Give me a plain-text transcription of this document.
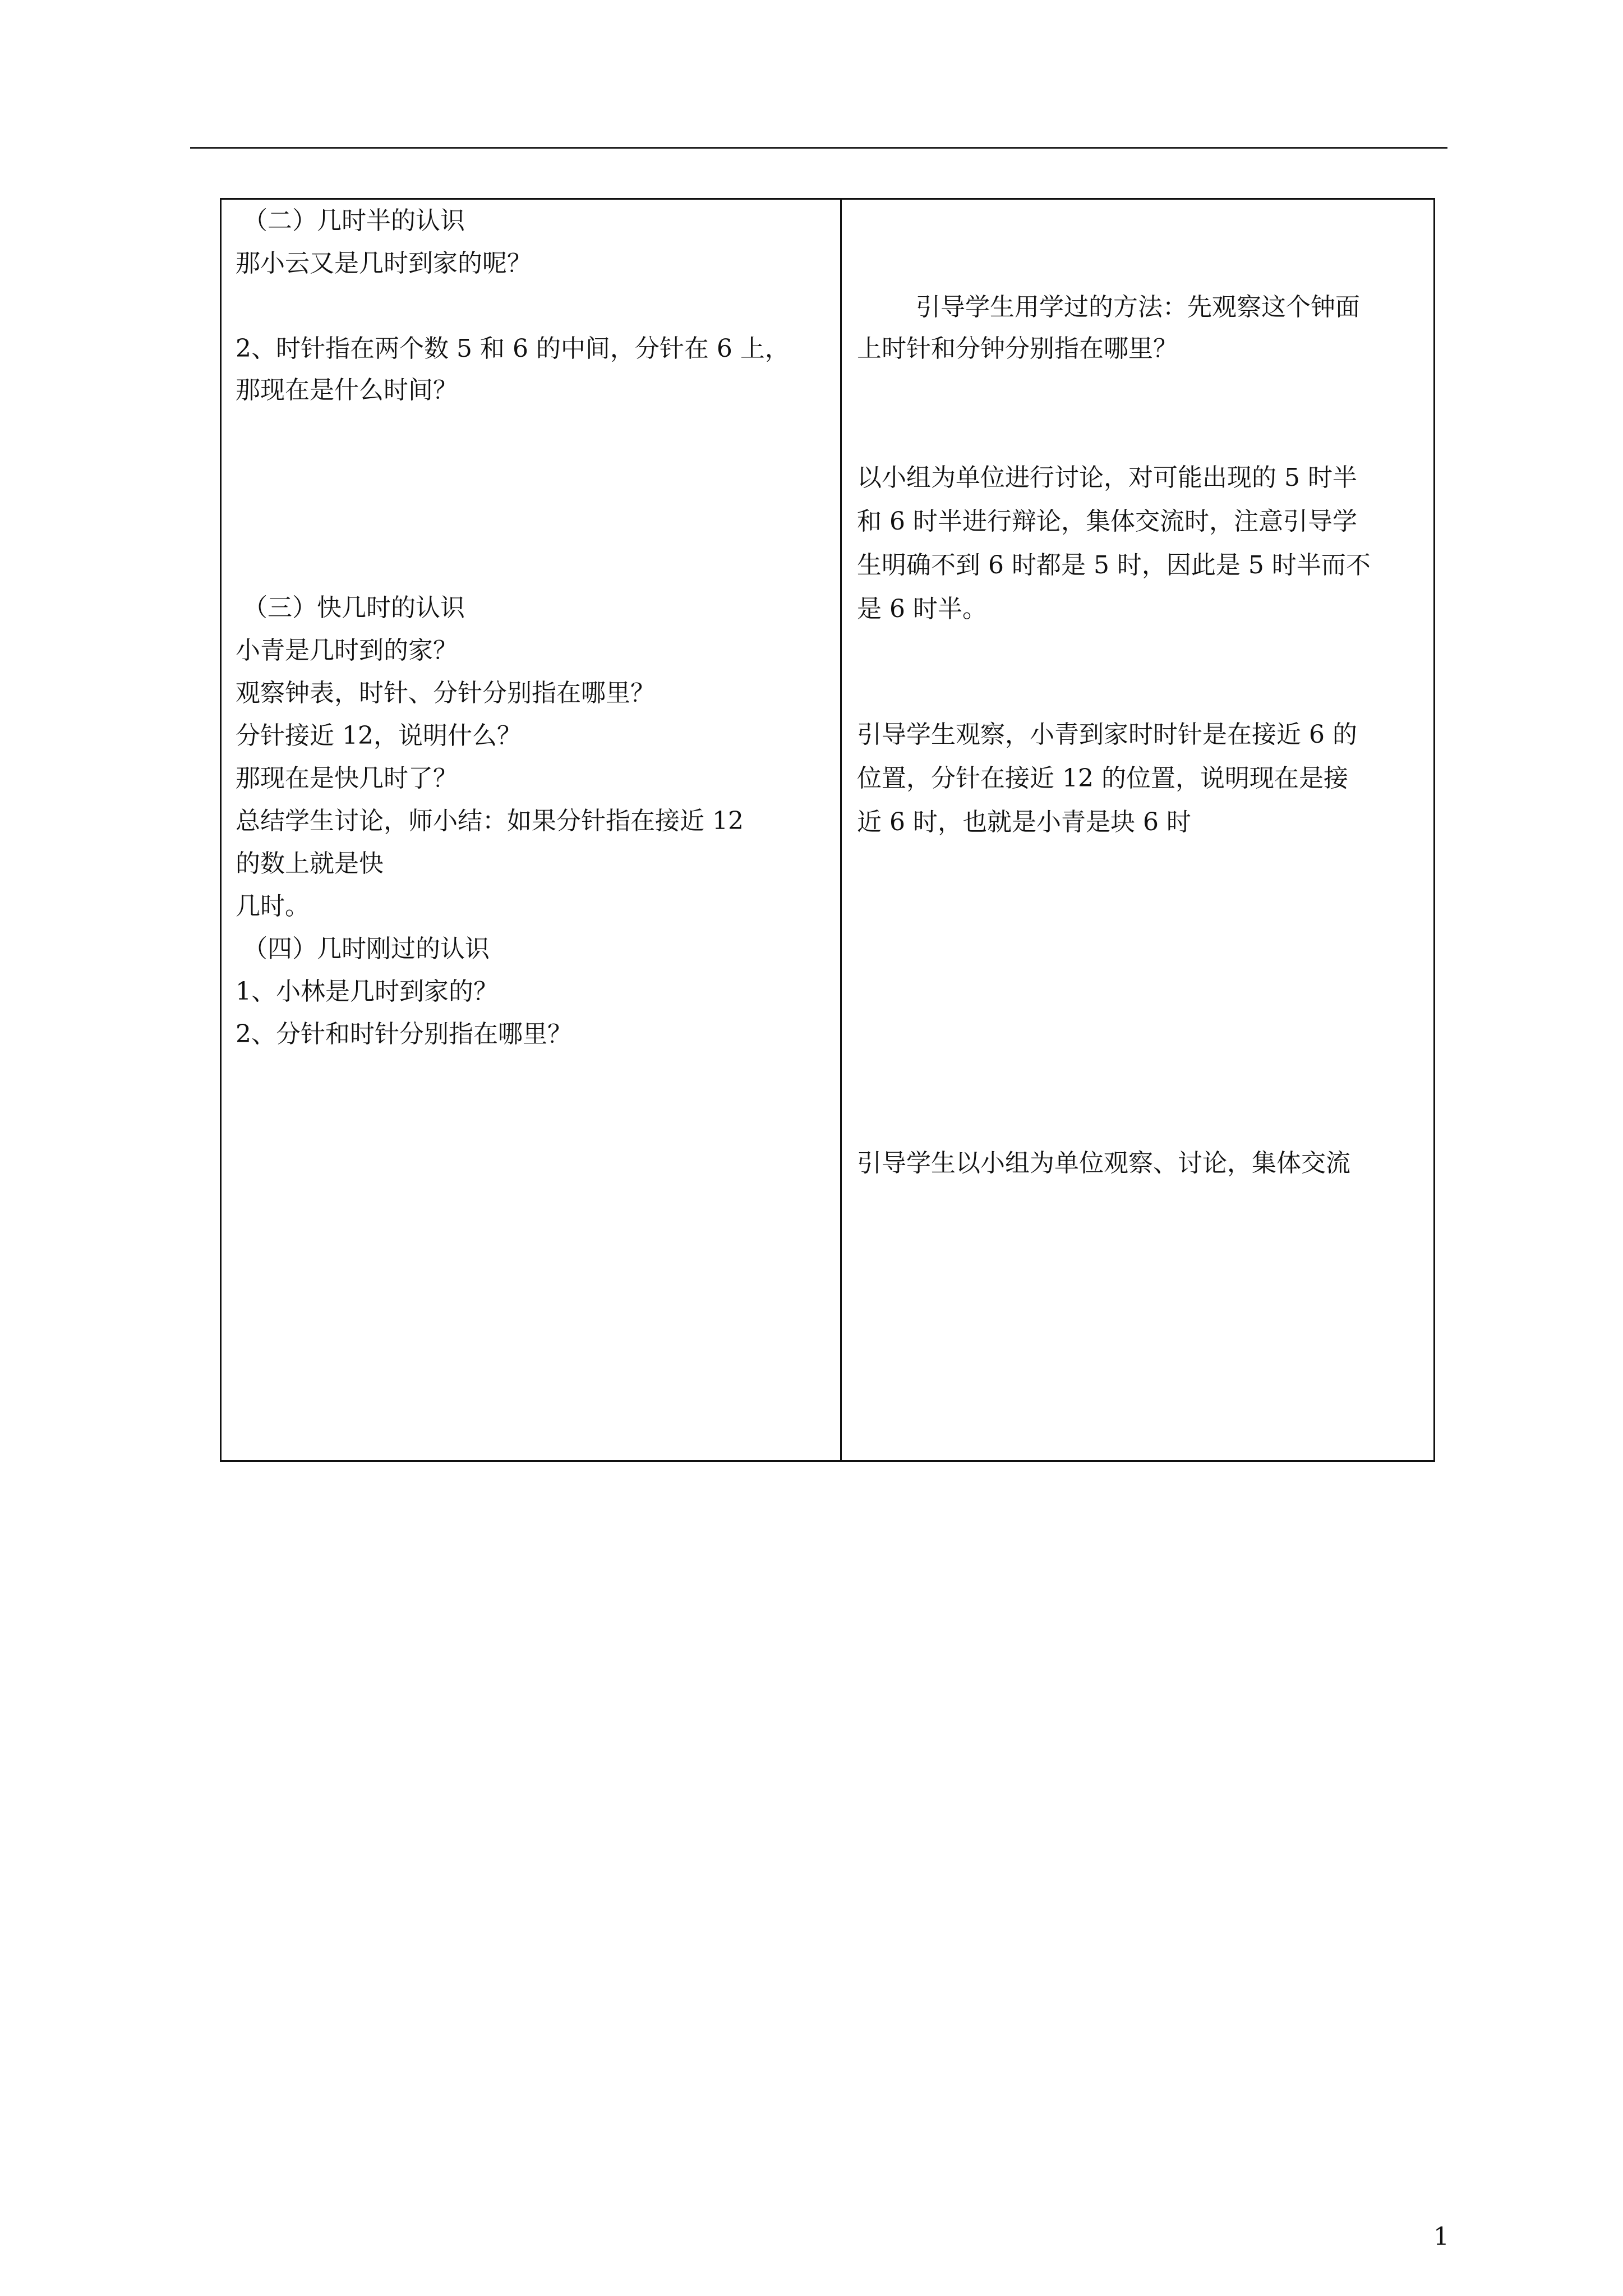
（二）几时半的认识
那小云又是几时到家的呢？
2、时针指在两个数 5 和 6 的中间，分针在 6 上，
那现在是什么时间？
（三）快几时的认识
小青是几时到的家？
观察钟表，时针、分针分别指在哪里？
分针接近 12，说明什么？
那现在是快几时了？
总结学生讨论，师小结：如果分针指在接近 12
的数上就是快
几时。
（四）几时刚过的认识
1、小林是几时到家的？
2、分针和时针分别指在哪里？
引导学生用学过的方法：先观察这个钟面
上时针和分钟分别指在哪里？
以小组为单位进行讨论，对可能出现的 5 时半
和 6 时半进行辩论，集体交流时，注意引导学
生明确不到 6 时都是 5 时，因此是 5 时半而不
是 6 时半。
引导学生观察，小青到家时时针是在接近 6 的
位置，分针在接近 12 的位置，说明现在是接
近 6 时，也就是小青是块 6 时
引导学生以小组为单位观察、讨论，集体交流
1
